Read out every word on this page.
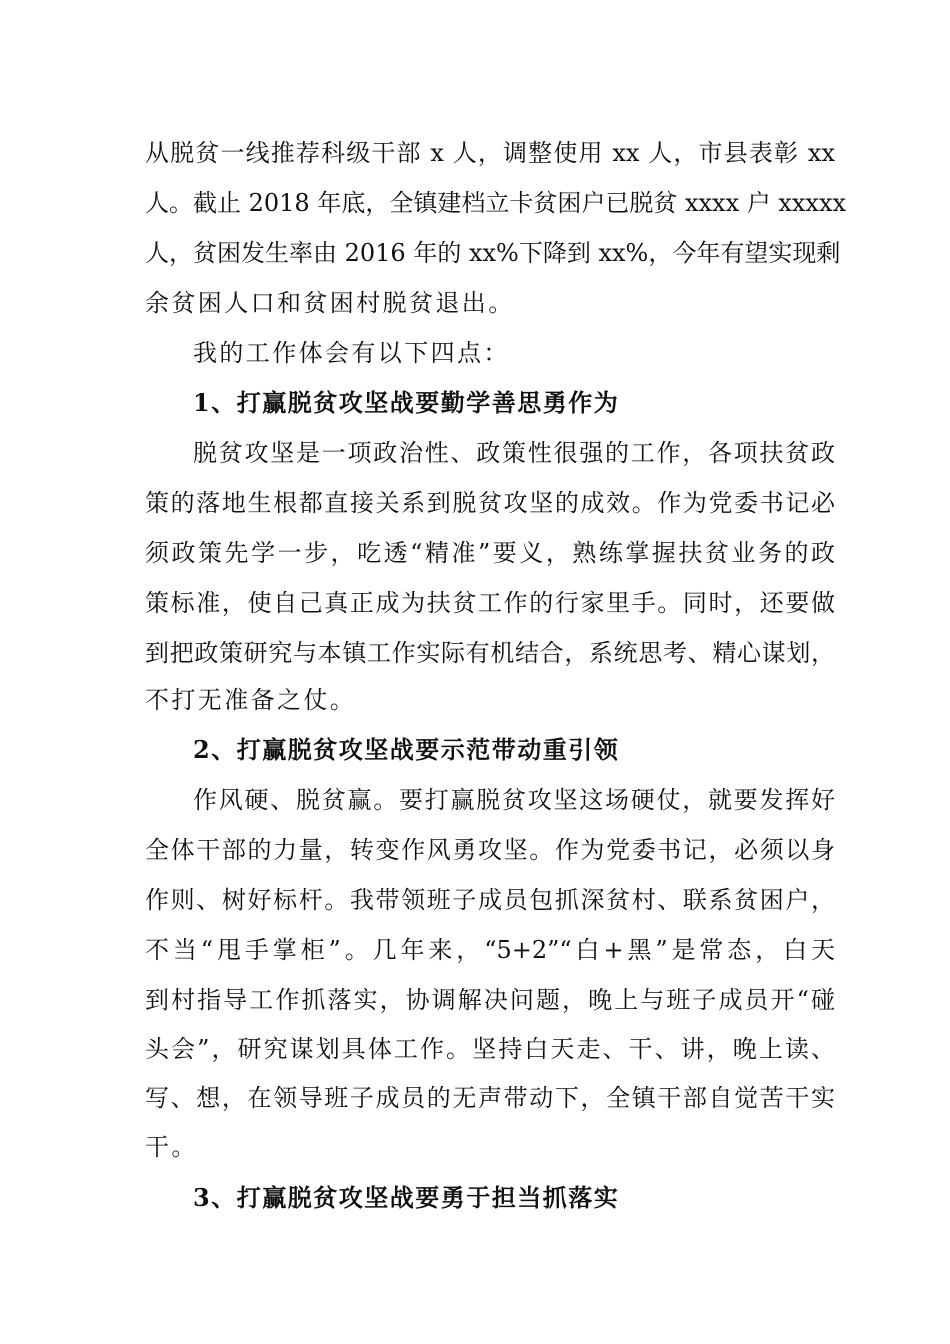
从脱贫一线推荐科级干部 x 人，调整使用 xx 人，市县表彰 xx
人。截止 2018 年底，全镇建档立卡贫困户已脱贫 xxxx 户 xxxxx
人，贫困发生率由 2016 年的 xx%下降到 xx%，今年有望实现剩
余贫困人口和贫困村脱贫退出。
我的工作体会有以下四点：
1、打赢脱贫攻坚战要勤学善思勇作为
脱贫攻坚是一项政治性、政策性很强的工作，各项扶贫政
策的落地生根都直接关系到脱贫攻坚的成效。作为党委书记必
须政策先学一步，吃透“精准”要义，熟练掌握扶贫业务的政
策标准，使自己真正成为扶贫工作的行家里手。同时，还要做
到把政策研究与本镇工作实际有机结合，系统思考、精心谋划，
不打无准备之仗。
2、打赢脱贫攻坚战要示范带动重引领
作风硬、脱贫赢。要打赢脱贫攻坚这场硬仗，就要发挥好
全体干部的力量，转变作风勇攻坚。作为党委书记，必须以身
作则、树好标杆。我带领班子成员包抓深贫村、联系贫困户，
不当“甩手掌柜”。几年来，“5+2”“白+黑”是常态，白天
到村指导工作抓落实，协调解决问题，晚上与班子成员开“碰
头会”，研究谋划具体工作。坚持白天走、干、讲，晚上读、
写、想，在领导班子成员的无声带动下，全镇干部自觉苦干实
干。
3、打赢脱贫攻坚战要勇于担当抓落实
